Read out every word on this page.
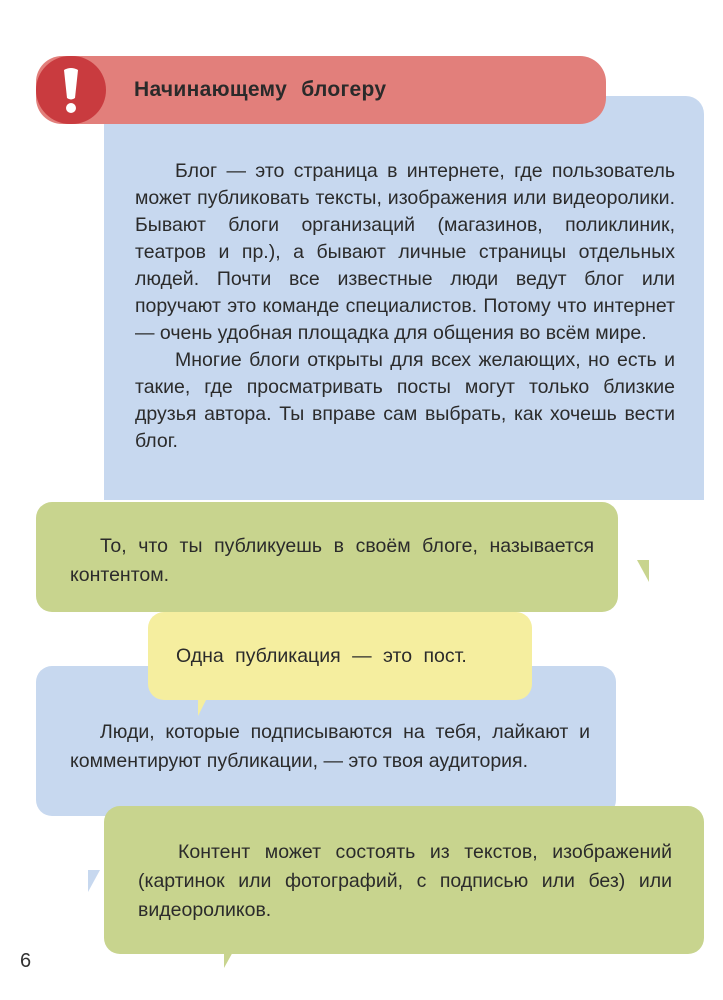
Начинающему блогеру

Блог — это страница в интернете, где пользователь может публиковать тексты, изображения или видеоролики. Бывают блоги организаций (магазинов, поликлиник, театров и пр.), а бывают личные страницы отдельных людей. Почти все известные люди ведут блог или поручают это команде специалистов. Потому что интернет — очень удобная площадка для общения во всём мире.

Многие блоги открыты для всех желающих, но есть и такие, где просматривать посты могут только близкие друзья автора. Ты вправе сам выбрать, как хочешь вести блог.

То, что ты публикуешь в своём блоге, называется контентом.

Одна публикация — это пост.

Люди, которые подписываются на тебя, лайкают и комментируют публикации, — это твоя аудитория.

Контент может состоять из текстов, изображений (картинок или фотографий, с подписью или без) или видеороликов.

6
